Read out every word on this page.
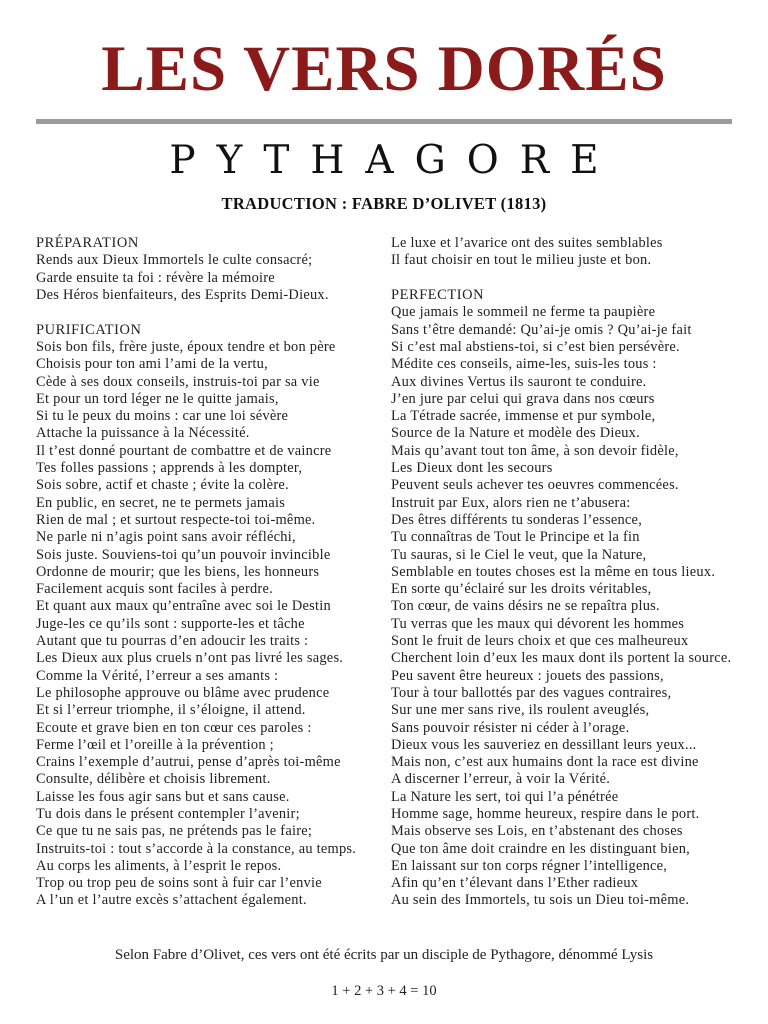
LES VERS DORÉS
PYTHAGORE
TRADUCTION : FABRE D’OLIVET (1813)
PRÉPARATION
Rends aux Dieux Immortels le culte consacré;
Garde ensuite ta foi : révère la mémoire
Des Héros bienfaiteurs, des Esprits Demi-Dieux.
PURIFICATION
Sois bon fils, frère juste, époux tendre et bon père
Choisis pour ton ami l’ami de la vertu,
Cède à ses doux conseils, instruis-toi par sa vie
Et pour un tord léger ne le quitte jamais,
Si tu le peux du moins : car une loi sévère
Attache la puissance à la Nécessité.
Il t’est donné pourtant de combattre et de vaincre
Tes folles passions ; apprends à les dompter,
Sois sobre, actif et chaste ; évite la colère.
En public, en secret, ne te permets jamais
Rien de mal ; et surtout respecte-toi toi-même.
Ne parle ni n’agis point sans avoir réfléchi,
Sois juste. Souviens-toi qu’un pouvoir invincible
Ordonne de mourir; que les biens, les honneurs
Facilement acquis sont faciles à perdre.
Et quant aux maux qu’entraîne avec soi le Destin
Juge-les ce qu’ils sont : supporte-les et tâche
Autant que tu pourras d’en adoucir les traits :
Les Dieux aux plus cruels n’ont pas livré les sages.
Comme la Vérité, l’erreur a ses amants :
Le philosophe approuve ou blâme avec prudence
Et si l’erreur triomphe, il s’éloigne, il attend.
Ecoute et grave bien en ton cœur ces paroles :
Ferme l’œil et l’oreille à la prévention ;
Crains l’exemple d’autrui, pense d’après toi-même
Consulte, délibère et choisis librement.
Laisse les fous agir sans but et sans cause.
Tu dois dans le présent contempler l’avenir;
Ce que tu ne sais pas, ne prétends pas le faire;
Instruits-toi : tout s’accorde à la constance, au temps.
Au corps les aliments, à l’esprit le repos.
Trop ou trop peu de soins sont à fuir car l’envie
A l’un et l’autre excès s’attachent également.
Le luxe et l’avarice ont des suites semblables
Il faut choisir en tout le milieu juste et bon.
PERFECTION
Que jamais le sommeil ne ferme ta paupière
Sans t’être demandé: Qu’ai-je omis ? Qu’ai-je fait
Si c’est mal abstiens-toi, si c’est bien persévère.
Médite ces conseils, aime-les, suis-les tous :
Aux divines Vertus ils sauront te conduire.
J’en jure par celui qui grava dans nos cœurs
La Tétrade sacrée, immense et pur symbole,
Source de la Nature et modèle des Dieux.
Mais qu’avant tout ton âme, à son devoir fidèle,
Les Dieux dont les secours
Peuvent seuls achever tes oeuvres commencées.
Instruit par Eux, alors rien ne t’abusera:
Des êtres différents tu sonderas l’essence,
Tu connaîtras de Tout le Principe et la fin
Tu sauras, si le Ciel le veut, que la Nature,
Semblable en toutes choses est la même en tous lieux.
En sorte qu’éclairé sur les droits véritables,
Ton cœur, de vains désirs ne se repaîtra plus.
Tu verras que les maux qui dévorent les hommes
Sont le fruit de leurs choix et que ces malheureux
Cherchent loin d’eux les maux dont ils portent la source.
Peu savent être heureux : jouets des passions,
Tour à tour ballottés par des vagues contraires,
Sur une mer sans rive, ils roulent aveuglés,
Sans pouvoir résister ni céder à l’orage.
Dieux vous les sauveriez en dessillant leurs yeux...
Mais non, c’est aux humains dont la race est divine
A discerner l’erreur, à voir la Vérité.
La Nature les sert, toi qui l’a pénétrée
Homme sage, homme heureux, respire dans le port.
Mais observe ses Lois, en t’abstenant des choses
Que ton âme doit craindre en les distinguant bien,
En laissant sur ton corps régner l’intelligence,
Afin qu’en t’élevant dans l’Ether radieux
Au sein des Immortels, tu sois un Dieu toi-même.
Selon Fabre d’Olivet, ces vers ont été écrits par un disciple de Pythagore, dénommé Lysis
1 + 2 + 3 + 4 = 10
